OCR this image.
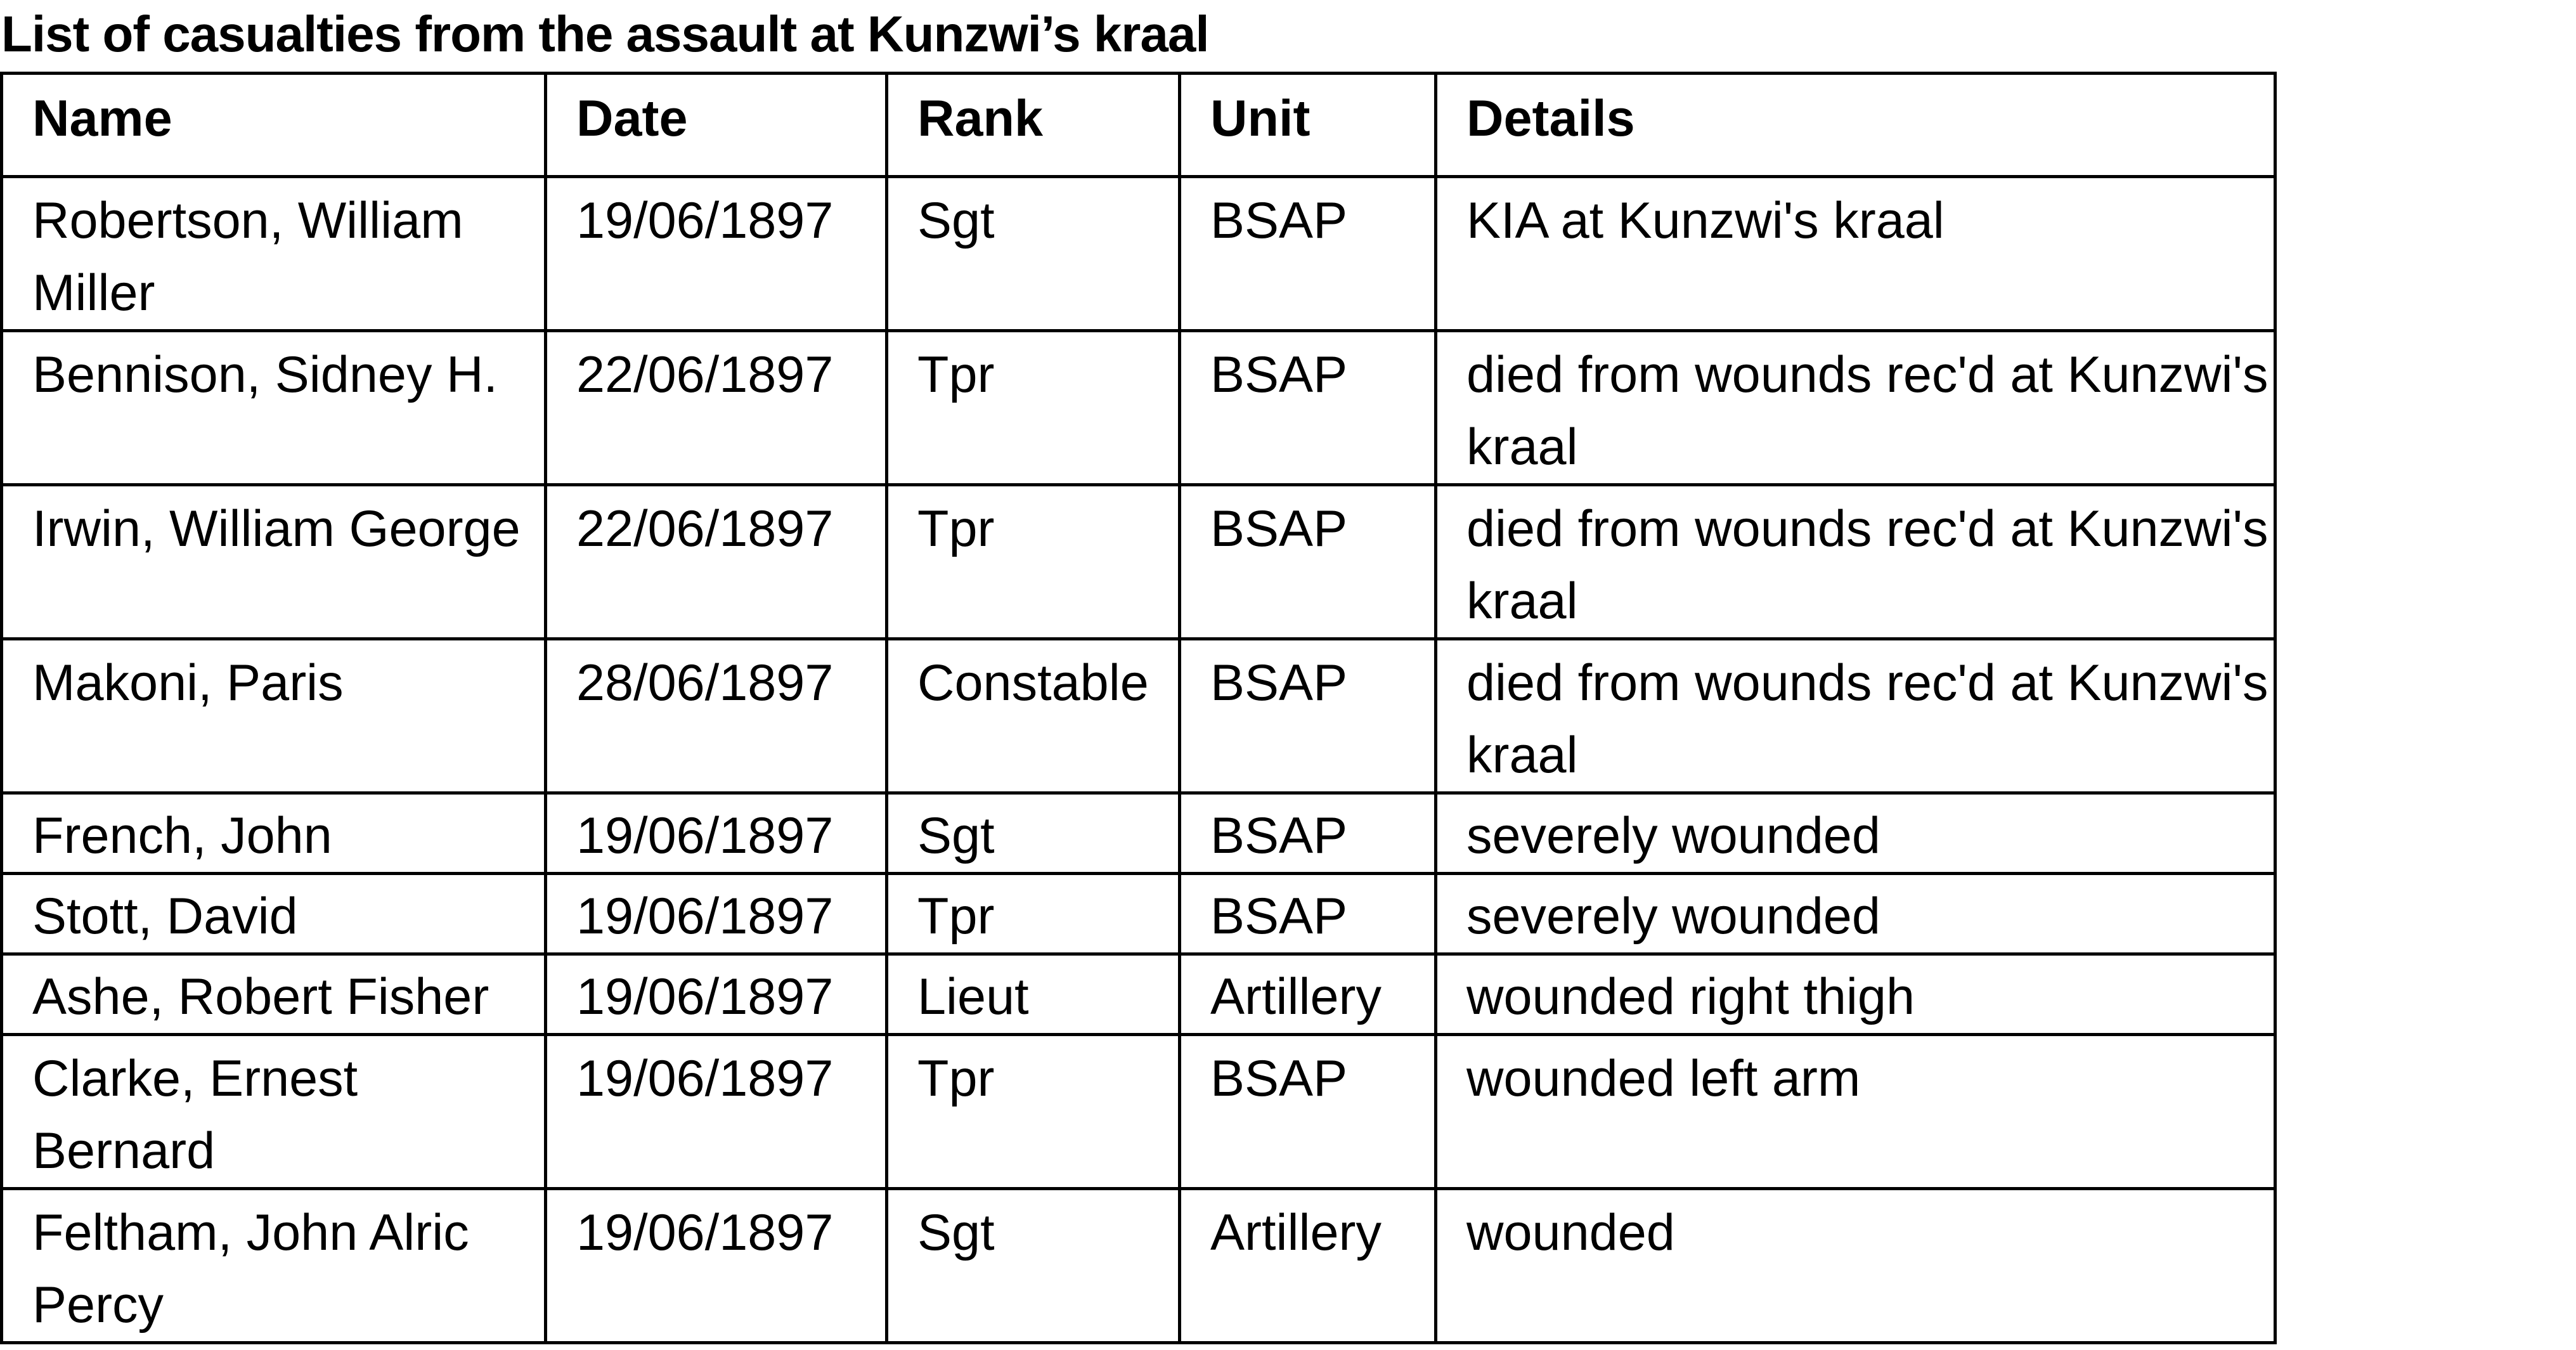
List of casualties from the assault at Kunzwi’s kraal
Name	Date	Rank	Unit	Details
Robertson, William Miller	19/06/1897	Sgt	BSAP	KIA at Kunzwi's kraal
Bennison, Sidney H.	22/06/1897	Tpr	BSAP	died from wounds rec'd at Kunzwi's kraal
Irwin, William George	22/06/1897	Tpr	BSAP	died from wounds rec'd at Kunzwi's kraal
Makoni, Paris	28/06/1897	Constable	BSAP	died from wounds rec'd at Kunzwi's kraal
French, John	19/06/1897	Sgt	BSAP	severely wounded
Stott, David	19/06/1897	Tpr	BSAP	severely wounded
Ashe, Robert Fisher	19/06/1897	Lieut	Artillery	wounded right thigh
Clarke, Ernest Bernard	19/06/1897	Tpr	BSAP	wounded left arm
Feltham, John Alric Percy	19/06/1897	Sgt	Artillery	wounded
